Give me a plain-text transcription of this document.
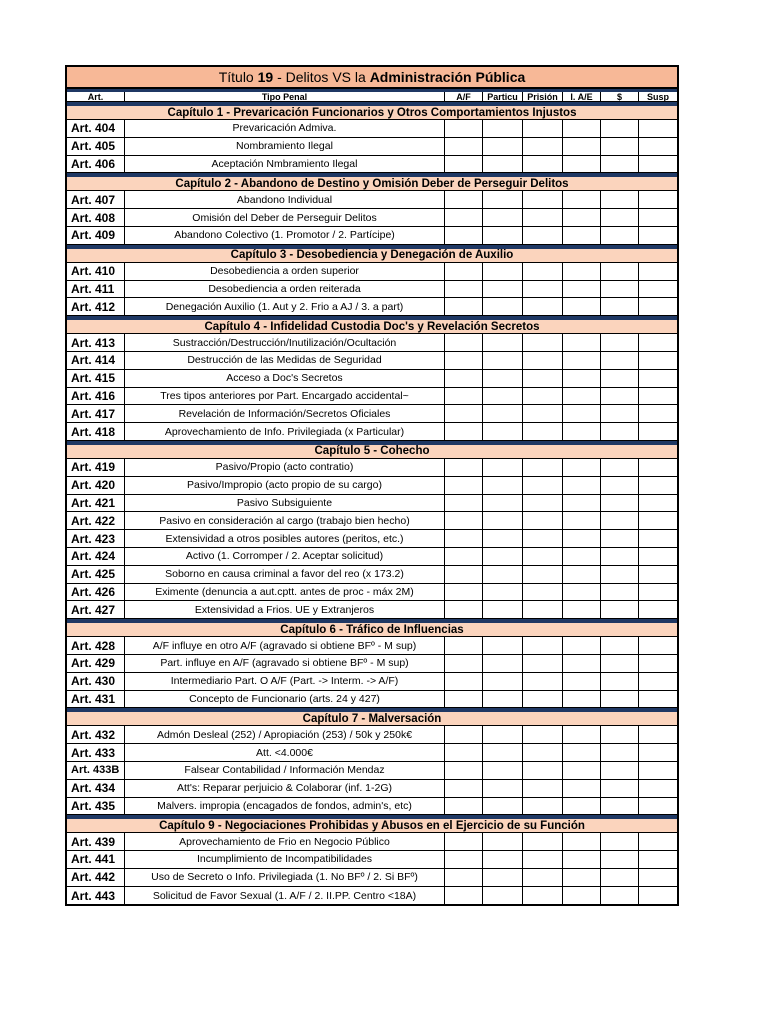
Título
19
-
Delitos VS la
Administración Pública
Art.	Tipo Penal	A/F	Particu	Prisión	I. A/E	$	Susp
Capítulo 1 - Prevaricación Funcionarios y Otros Comportamientos Injustos
Art. 404	Prevaricación Admiva.
Art. 405	Nombramiento Ilegal
Art. 406	Aceptación Nmbramiento Ilegal
Capítulo 2 - Abandono de Destino y Omisión Deber de Perseguir Delitos
Art. 407	Abandono Individual
Art. 408	Omisión del Deber de Perseguir Delitos
Art. 409	Abandono Colectivo (1. Promotor / 2. Partícipe)
Capítulo 3 - Desobediencia y Denegación de Auxilio
Art. 410	Desobediencia a orden superior
Art. 411	Desobediencia a orden reiterada
Art. 412	Denegación Auxilio (1. Aut y 2. Frio a AJ / 3. a part)
Capítulo 4 - Infidelidad Custodia Doc's y Revelación Secretos
Art. 413	Sustracción/Destrucción/Inutilización/Ocultación
Art. 414	Destrucción de las Medidas de Seguridad
Art. 415	Acceso a Doc's Secretos
Art. 416	Tres tipos anteriores por Part. Encargado accidental~
Art. 417	Revelación de Información/Secretos Oficiales
Art. 418	Aprovechamiento de Info. Privilegiada (x Particular)
Capítulo 5 - Cohecho
Art. 419	Pasivo/Propio (acto contratio)
Art. 420	Pasivo/Impropio (acto propio de su cargo)
Art. 421	Pasivo Subsiguiente
Art. 422	Pasivo en consideración al cargo (trabajo bien hecho)
Art. 423	Extensividad a otros posibles autores (peritos, etc.)
Art. 424	Activo (1. Corromper / 2. Aceptar solicitud)
Art. 425	Soborno en causa criminal a favor del reo (x 173.2)
Art. 426	Eximente (denuncia a aut.cptt. antes de proc - máx 2M)
Art. 427	Extensividad a Frios. UE y Extranjeros
Capítulo 6 - Tráfico de Influencias
Art. 428	A/F influye en otro A/F (agravado si obtiene BFº - M sup)
Art. 429	Part. influye en A/F (agravado si obtiene BFº - M sup)
Art. 430	Intermediario Part. O A/F (Part. -> Interm. -> A/F)
Art. 431	Concepto de Funcionario (arts. 24 y 427)
Capítulo 7 - Malversación
Art. 432	Admón Desleal (252) / Apropiación (253) / 50k y 250k€
Art. 433	Att. <4.000€
Art. 433B	Falsear Contabilidad / Información Mendaz
Art. 434	Att's: Reparar perjuicio & Colaborar (inf. 1-2G)
Art. 435	Malvers. impropia (encagados de fondos, admin's, etc)
Capítulo 9 - Negociaciones Prohibidas y Abusos en el Ejercicio de su Función
Art. 439	Aprovechamiento de Frio en Negocio Público
Art. 441	Incumplimiento de Incompatibilidades
Art. 442	Uso de Secreto o Info. Privilegiada (1. No BFº / 2. Si BFº)
Art. 443	Solicitud de Favor Sexual (1. A/F / 2. II.PP. Centro <18A)
